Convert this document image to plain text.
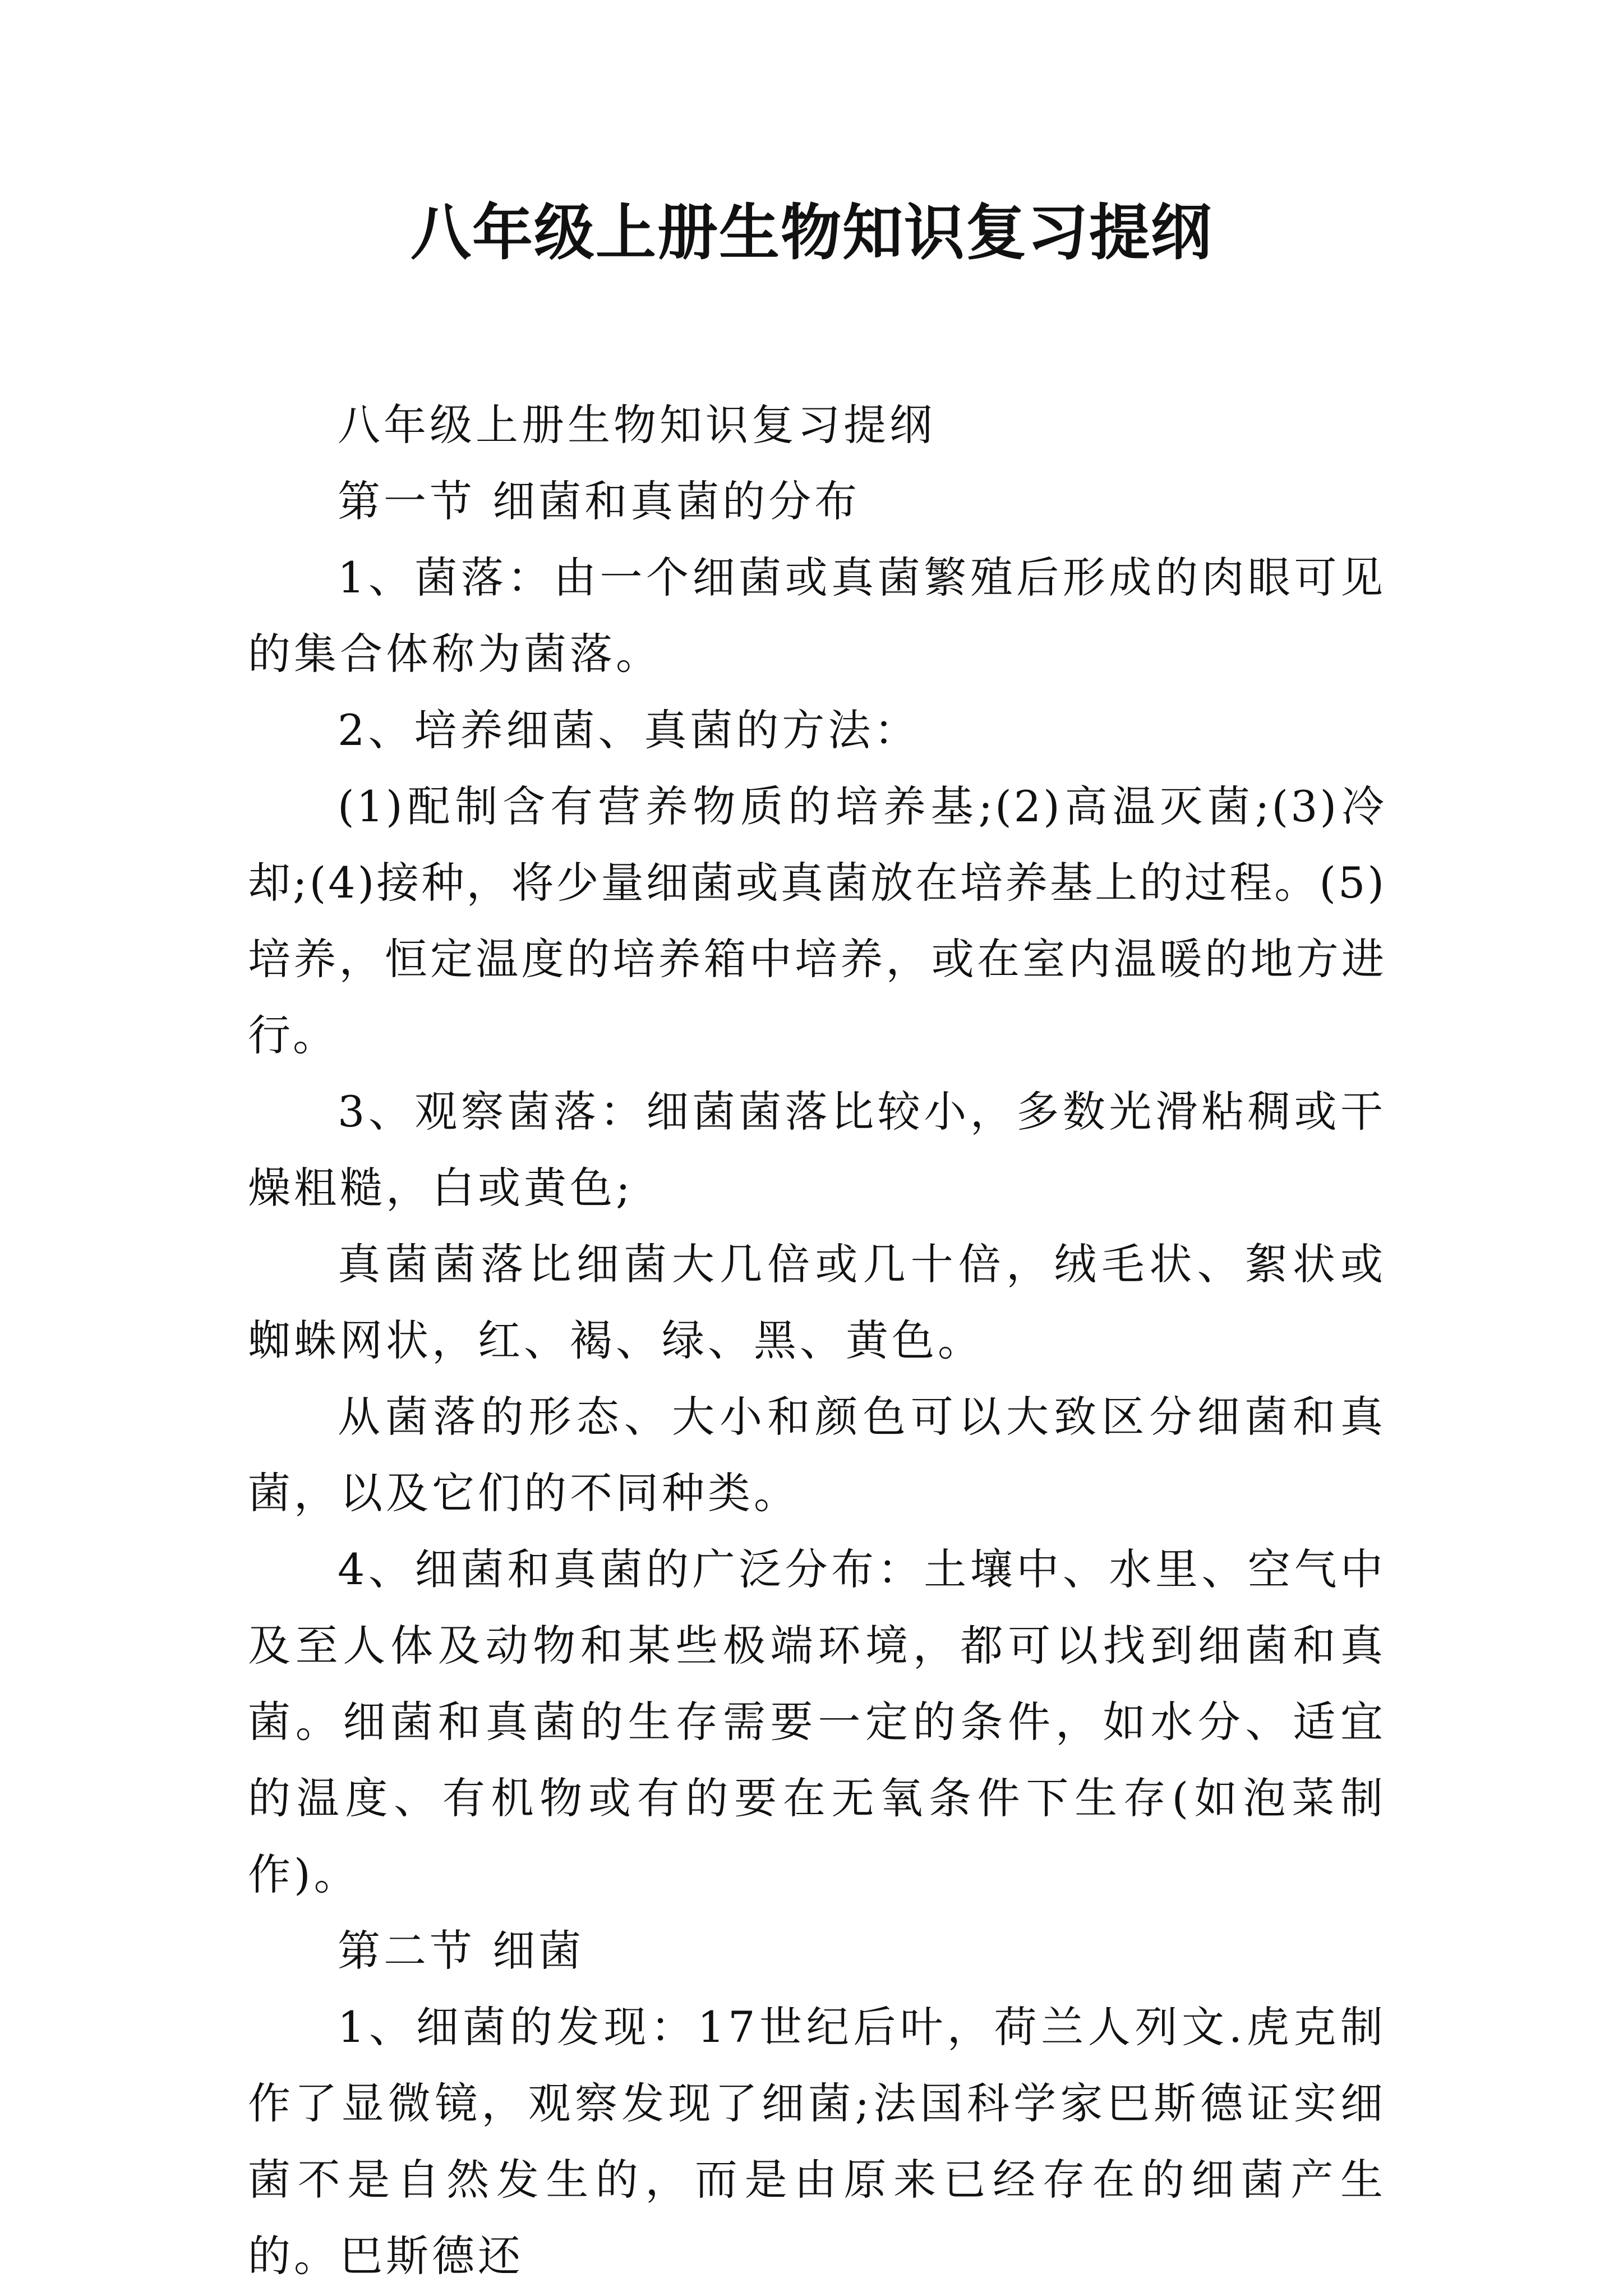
八年级上册生物知识复习提纲

八年级上册生物知识复习提纲

第一节 细菌和真菌的分布

1、菌落：由一个细菌或真菌繁殖后形成的肉眼可见的集合体称为菌落。

2、培养细菌、真菌的方法：

(1)配制含有营养物质的培养基;(2)高温灭菌;(3)冷却;(4)接种，将少量细菌或真菌放在培养基上的过程。(5)培养，恒定温度的培养箱中培养，或在室内温暖的地方进行。

3、观察菌落：细菌菌落比较小，多数光滑粘稠或干燥粗糙，白或黄色;

真菌菌落比细菌大几倍或几十倍，绒毛状、絮状或蜘蛛网状，红、褐、绿、黑、黄色。

从菌落的形态、大小和颜色可以大致区分细菌和真菌，以及它们的不同种类。

4、细菌和真菌的广泛分布：土壤中、水里、空气中及至人体及动物和某些极端环境，都可以找到细菌和真菌。细菌和真菌的生存需要一定的条件，如水分、适宜的温度、有机物或有的要在无氧条件下生存(如泡菜制作)。

第二节 细菌

1、细菌的发现：17世纪后叶，荷兰人列文.虎克制作了显微镜，观察发现了细菌;法国科学家巴斯德证实细菌不是自然发生的，而是由原来已经存在的细菌产生的。巴斯德还
